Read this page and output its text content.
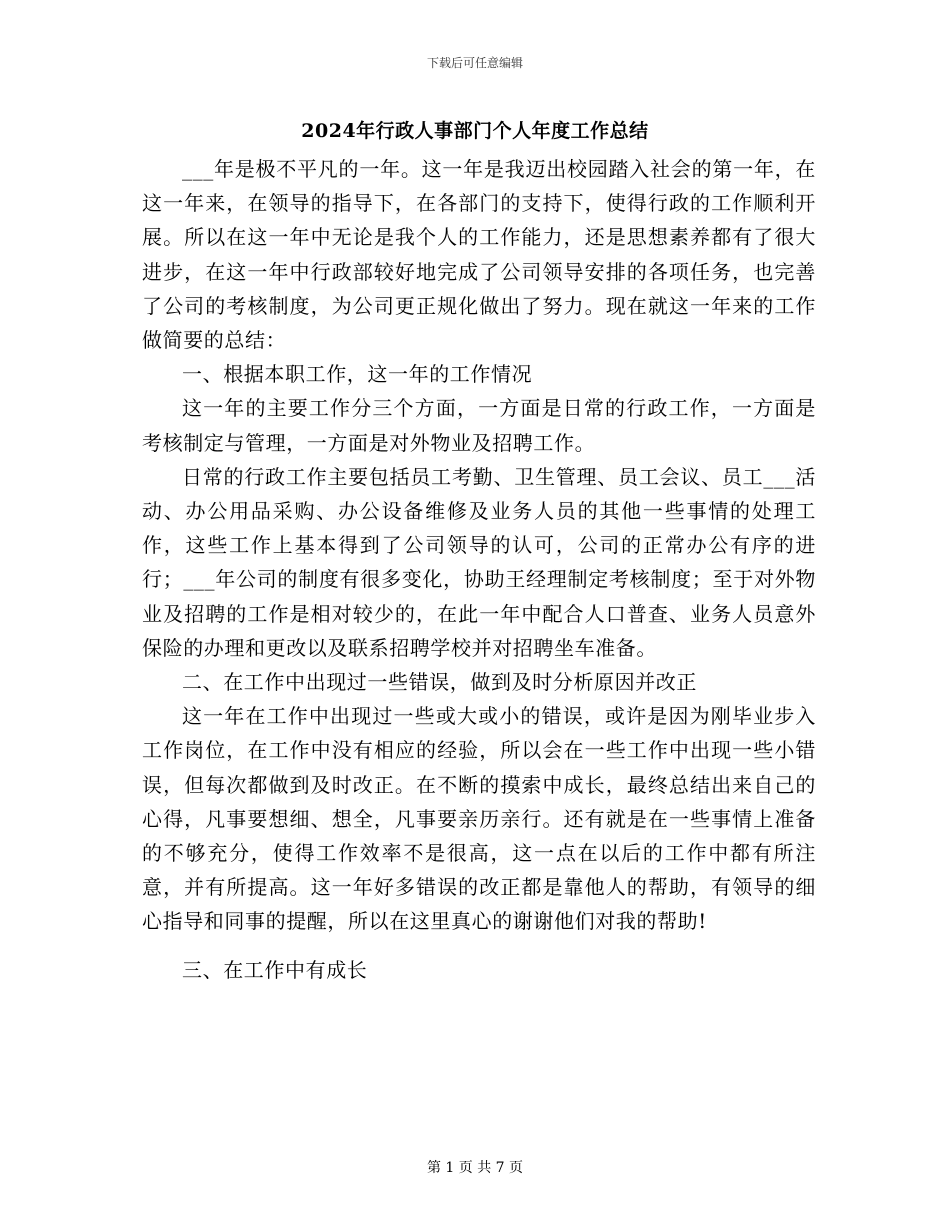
下载后可任意编辑
2024年行政人事部门个人年度工作总结

___年是极不平凡的一年。这一年是我迈出校园踏入社会的第一年，在这一年来，在领导的指导下，在各部门的支持下，使得行政的工作顺利开展。所以在这一年中无论是我个人的工作能力，还是思想素养都有了很大进步，在这一年中行政部较好地完成了公司领导安排的各项任务，也完善了公司的考核制度，为公司更正规化做出了努力。现在就这一年来的工作做简要的总结：

一、根据本职工作，这一年的工作情况

这一年的主要工作分三个方面，一方面是日常的行政工作，一方面是考核制定与管理，一方面是对外物业及招聘工作。

日常的行政工作主要包括员工考勤、卫生管理、员工会议、员工___活动、办公用品采购、办公设备维修及业务人员的其他一些事情的处理工作，这些工作上基本得到了公司领导的认可，公司的正常办公有序的进行；___年公司的制度有很多变化，协助王经理制定考核制度；至于对外物业及招聘的工作是相对较少的，在此一年中配合人口普查、业务人员意外保险的办理和更改以及联系招聘学校并对招聘坐车准备。

二、在工作中出现过一些错误，做到及时分析原因并改正

这一年在工作中出现过一些或大或小的错误，或许是因为刚毕业步入工作岗位，在工作中没有相应的经验，所以会在一些工作中出现一些小错误，但每次都做到及时改正。在不断的摸索中成长，最终总结出来自己的心得，凡事要想细、想全，凡事要亲历亲行。还有就是在一些事情上准备的不够充分，使得工作效率不是很高，这一点在以后的工作中都有所注意，并有所提高。这一年好多错误的改正都是靠他人的帮助，有领导的细心指导和同事的提醒，所以在这里真心的谢谢他们对我的帮助!

三、在工作中有成长

第 1 页 共 7 页
